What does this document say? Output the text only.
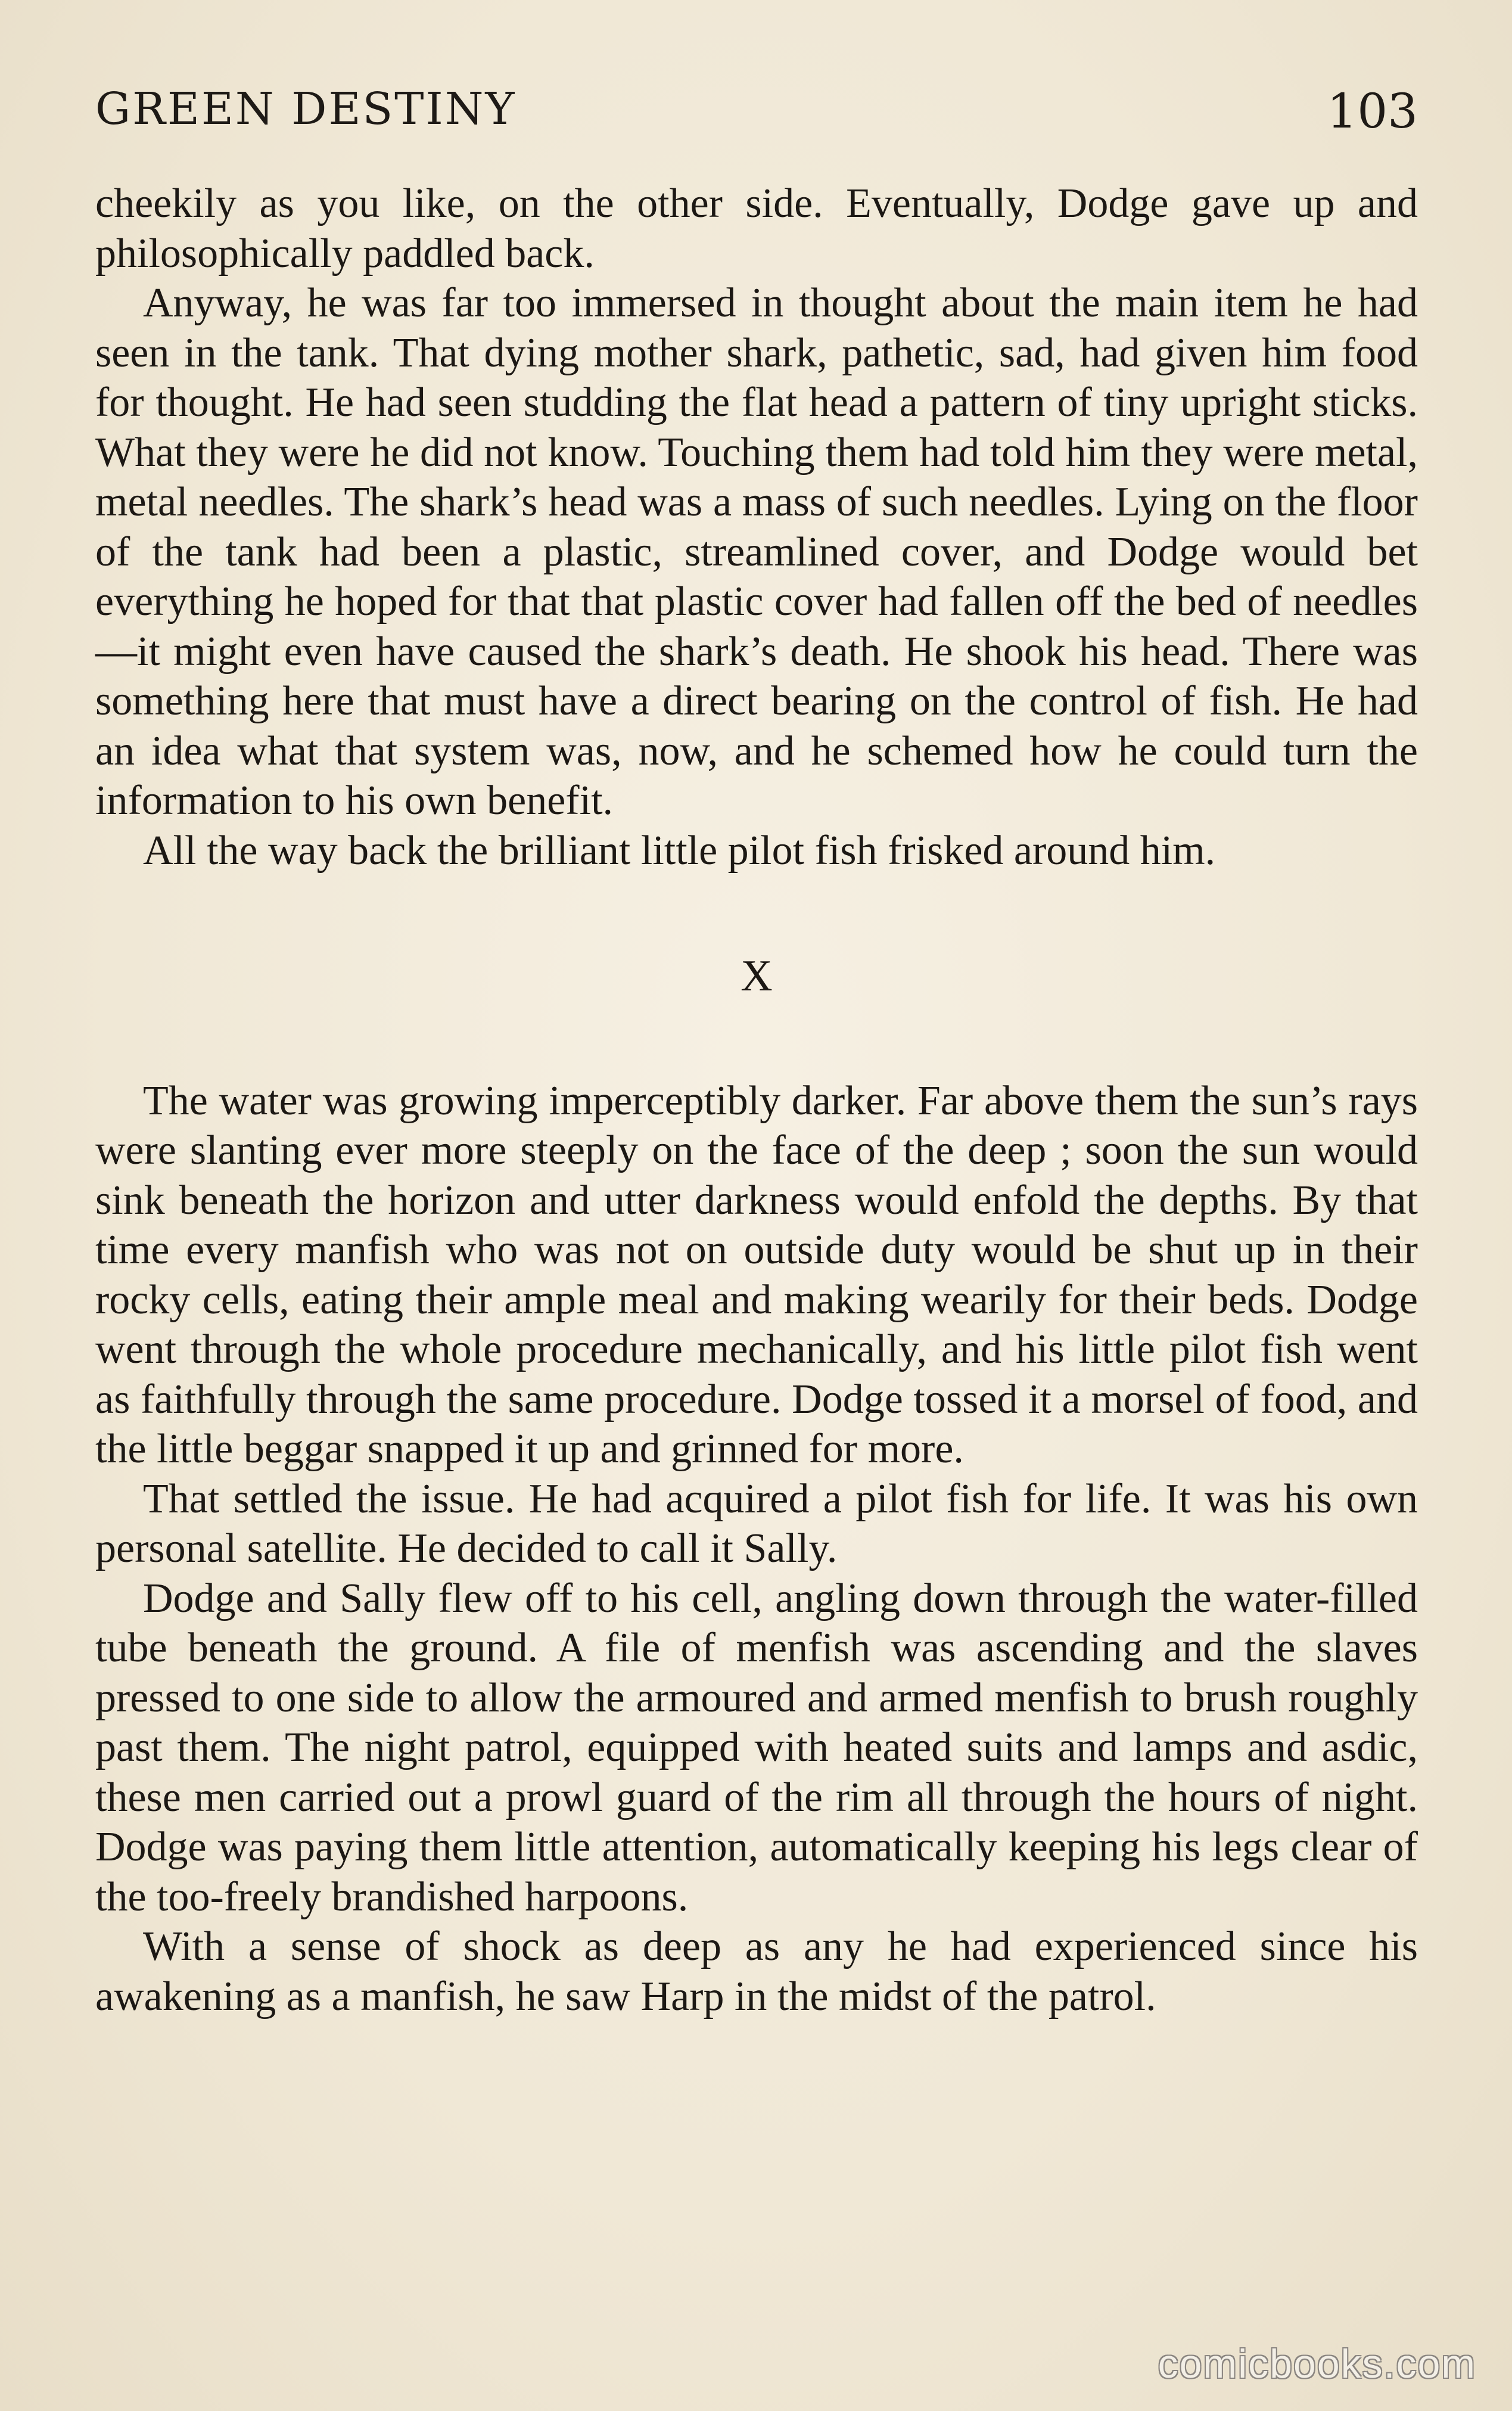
GREEN DESTINY	103

cheekily as you like, on the other side. Eventually, Dodge gave up and philosophically paddled back.

Anyway, he was far too immersed in thought about the main item he had seen in the tank. That dying mother shark, pathetic, sad, had given him food for thought. He had seen studding the flat head a pattern of tiny upright sticks. What they were he did not know. Touching them had told him they were metal, metal needles. The shark’s head was a mass of such needles. Lying on the floor of the tank had been a plastic, streamlined cover, and Dodge would bet everything he hoped for that that plastic cover had fallen off the bed of needles—it might even have caused the shark’s death. He shook his head. There was something here that must have a direct bearing on the control of fish. He had an idea what that system was, now, and he schemed how he could turn the information to his own benefit.

All the way back the brilliant little pilot fish frisked around him.

X

The water was growing imperceptibly darker. Far above them the sun’s rays were slanting ever more steeply on the face of the deep ; soon the sun would sink beneath the horizon and utter darkness would enfold the depths. By that time every manfish who was not on outside duty would be shut up in their rocky cells, eating their ample meal and making wearily for their beds. Dodge went through the whole procedure mechanically, and his little pilot fish went as faithfully through the same procedure. Dodge tossed it a morsel of food, and the little beggar snapped it up and grinned for more.

That settled the issue. He had acquired a pilot fish for life. It was his own personal satellite. He decided to call it Sally.

Dodge and Sally flew off to his cell, angling down through the water-filled tube beneath the ground. A file of menfish was ascending and the slaves pressed to one side to allow the armoured and armed menfish to brush roughly past them. The night patrol, equipped with heated suits and lamps and asdic, these men carried out a prowl guard of the rim all through the hours of night. Dodge was paying them little attention, automatically keeping his legs clear of the too-freely brandished harpoons.

With a sense of shock as deep as any he had experienced since his awakening as a manfish, he saw Harp in the midst of the patrol.

comicbooks.com
